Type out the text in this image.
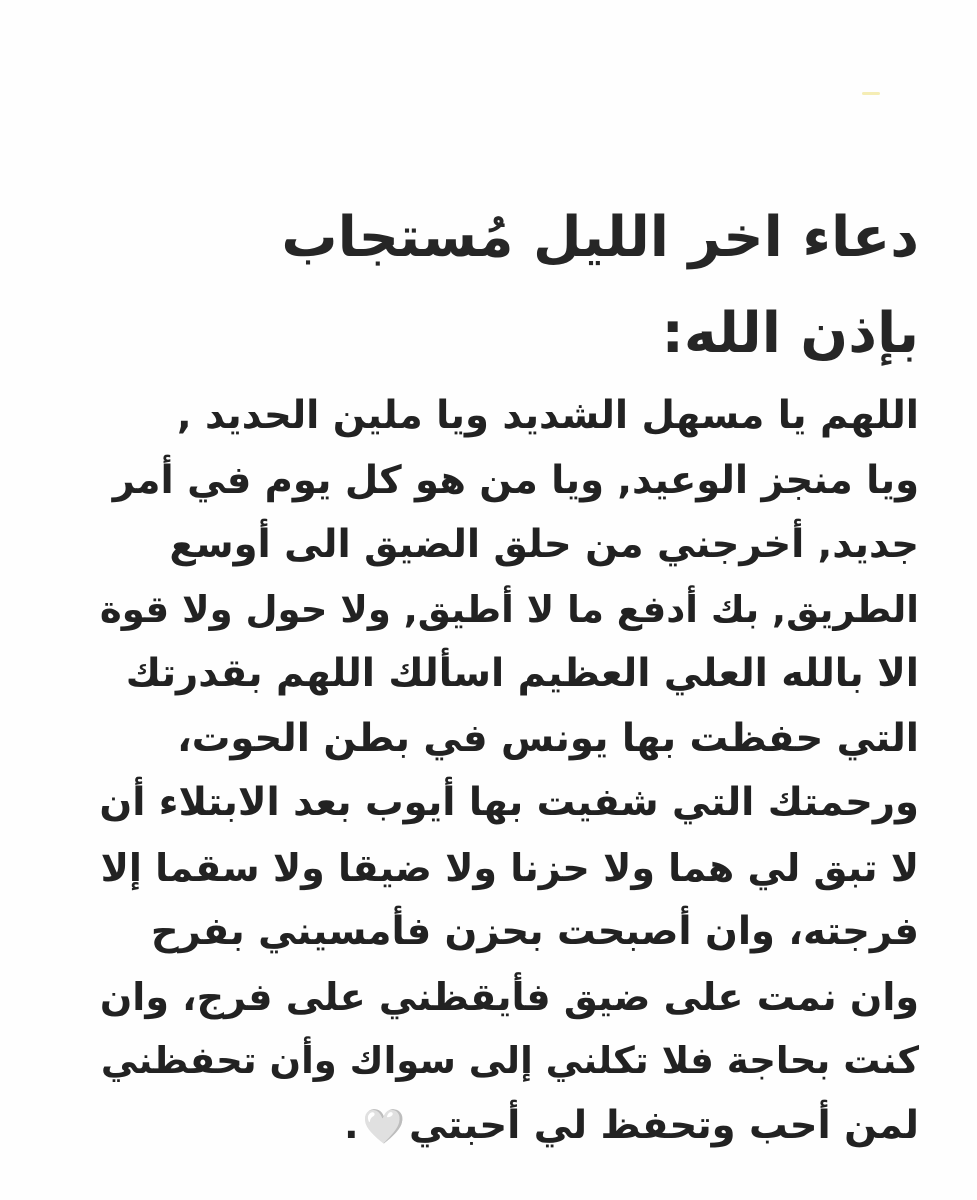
دعاء اخر الليل مُستجاب
بإذن الله:
اللهم يا مسهل الشديد ويا ملين الحديد ,
ويا منجز الوعيد, ويا من هو كل يوم في أمر
جديد, أخرجني من حلق الضيق الى أوسع
الطريق, بك أدفع ما لا أطيق, ولا حول ولا قوة
الا بالله العلي العظيم اسألك اللهم بقدرتك
التي حفظت بها يونس في بطن الحوت،
ورحمتك التي شفيت بها أيوب بعد الابتلاء أن
لا تبق لي هما ولا حزنا ولا ضيقا ولا سقما إلا
فرجته، وان أصبحت بحزن فأمسيني بفرح
وان نمت على ضيق فأيقظني على فرج، وان
كنت بحاجة فلا تكلني إلى سواك وأن تحفظني
لمن أحب وتحفظ لي أحبتي🤍.
